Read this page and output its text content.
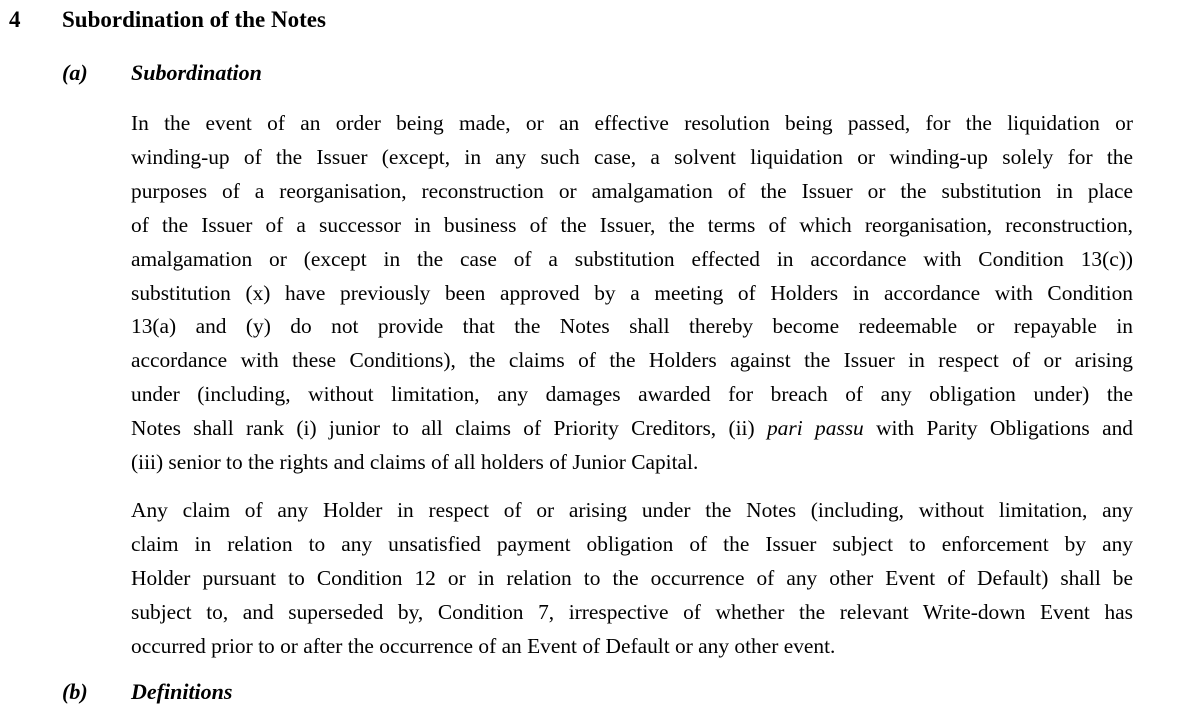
4 Subordination of the Notes
(a) Subordination
In the event of an order being made, or an effective resolution being passed, for the liquidation or
winding-up of the Issuer (except, in any such case, a solvent liquidation or winding-up solely for the
purposes of a reorganisation, reconstruction or amalgamation of the Issuer or the substitution in place
of the Issuer of a successor in business of the Issuer, the terms of which reorganisation, reconstruction,
amalgamation or (except in the case of a substitution effected in accordance with Condition 13(c))
substitution (x) have previously been approved by a meeting of Holders in accordance with Condition
13(a) and (y) do not provide that the Notes shall thereby become redeemable or repayable in
accordance with these Conditions), the claims of the Holders against the Issuer in respect of or arising
under (including, without limitation, any damages awarded for breach of any obligation under) the
Notes shall rank (i) junior to all claims of Priority Creditors, (ii) pari passu with Parity Obligations and
(iii) senior to the rights and claims of all holders of Junior Capital.
Any claim of any Holder in respect of or arising under the Notes (including, without limitation, any
claim in relation to any unsatisfied payment obligation of the Issuer subject to enforcement by any
Holder pursuant to Condition 12 or in relation to the occurrence of any other Event of Default) shall be
subject to, and superseded by, Condition 7, irrespective of whether the relevant Write-down Event has
occurred prior to or after the occurrence of an Event of Default or any other event.
(b) Definitions
